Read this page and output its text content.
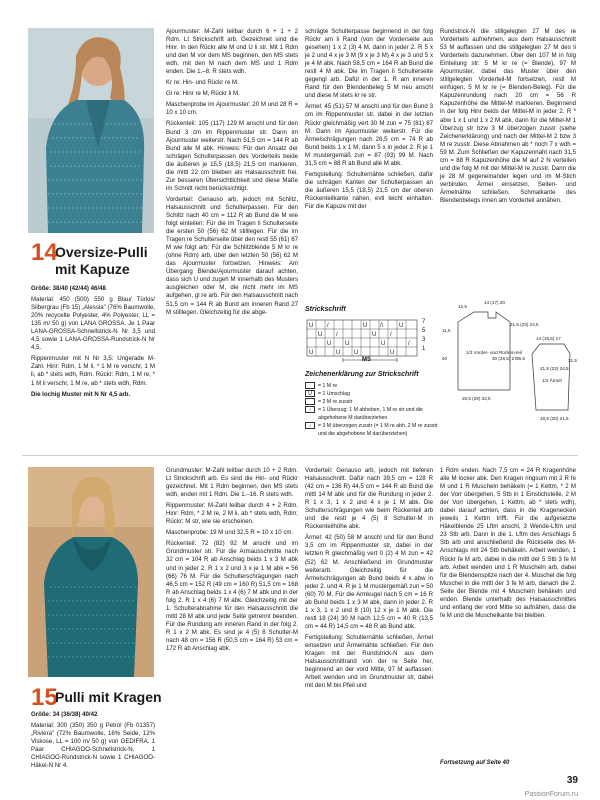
14
Oversize-Pulli
mit Kapuze

Größe: 38/40 (42/44) 46/48

Material: 450 (500) 550 g Blau/ Türkis/ Silbergrau (Fb 15) „Alessia" (76% Baumwolle, 20% recycelte Polyester, 4% Polyester, LL = 135 m/ 50 g) von LANA GROSSA. Je 1 Paar LANA-GROSSA-Schnellstrick-N Nr 3,5 und 4,5 sowie 1 LANA-GROSSA-Rundstrick-N Nr 4,5.

Rippenmuster mit N Nr 3,5: Ungerade M-Zahl. Hinr: Rdm, 1 M li, * 1 M re verschr, 1 M li, ab * stets wdh, Rdm. Rückr: Rdm, 1 M re, * 1 M li verschr, 1 M re, ab * stets wdh, Rdm.

Die lochig Muster mit N Nr 4,5 arb.

Ajourmuster: M-Zahl teilbar durch 6 + 1 + 2 Rdm. Lt Strickschrift arb. Gezeichnet sind die Hinr. In den Rückr alle M und U li str. Mit 1 Rdm und den M vor dem MS beginnen, den MS stets wdh, mit den M nach dem MS und 1 Rdm enden. Die 1.–8. R stets wdh.

Kr re: Hin- und Rückr re M.

Gl re: Hinr re M, Rückr li M.

Maschenprobe im Ajourmuster: 20 M und 28 R = 10 x 10 cm.

Rückenteil: 105 (117) 129 M anschl und für den Bund 3 cm im Rippenmuster str. Dann im Ajourmuster weiterstr. Nach 51,5 cm = 144 R ab Bund alle M abk. Hinweis: Für den Ansatz der schrägen Schulterpassen des Vorderteils beide die äußeren je 15,5 (18,5) 21,5 cm markieren, die mittl 22 cm bleiben als Halsausschnitt frei. Zur besseren Übersichtlichkeit und diese Maße im Schnitt nicht berücksichtigt.

Vorderteil: Genauso arb, jedoch mit Schlitz, Halsausschnitt und Schulterpassen. Für den Schlitz nach 40 cm = 112 R ab Bund die M wie folgt einteilen: Für die im Tragen li Schulterseite die ersten 50 (56) 62 M stilllegen. Für die im Tragen re Schulterseite über den restl 55 (61) 67 M wie folgt arb: Für die Schlitzblende 5 M kr re (ohne Rdm) arb, über den letzten 50 (56) 62 M das Ajourmuster fortsetzen. Hinweis: Am Übergang Blende/Ajourmuster darauf achten, dass sich U und zugeh M innerhalb des Musters ausgleichen oder M, die nicht mehr im MS aufgehen, gl re arb. Für den Halsausschnitt nach 51,5 cm = 144 R ab Bund am inneren Rand 27 M stilllegen. Gleichzeitig für die abge-

schrägte Schulterpasse beginnend in der folg Rückr am li Rand (von der Vorderseite aus gesehen) 1 x 2 (3) 4 M, dann in jeder 2. R 5 x je 2 und 4 x je 3 M (9 x je 3 M) 4 x je 3 und 5 x je 4 M abk. Nach 58,5 cm = 164 R ab Bund die restl 4 M abk. Die im Tragen li Schulterseite gegengl arb. Dafür in der 1. R am inneren Rand für den Blendenbeleg 5 M neu anschl und diese M stets kr re str.

Ärmel: 45 (51) 57 M anschl und für den Bund 3 cm im Rippenmuster str, dabei in der letzten Rückr gleichmäßig vert 30 M zun = 75 (81) 87 M. Dann im Ajourmuster weiterstr. Für die Ärmelschrägungen nach 26,5 cm = 74 R ab Bund beids 1 x 1 M, dann 5 x in jeder 2. R je 1 M mustergemäß zun = 87 (93) 99 M. Nach 31,5 cm = 88 R ab Bund alle M abk.

Fertigstellung: Schulternähte schließen, dafür die schrägen Kanten der Schulterpassen an die äußeren 15,5 (18,5) 21,5 cm der oberen Rückenteilkante nähen, evtl leicht einhalten. Für die Kapuze mit der

Rundstrick-N die stillgelegten 27 M des re Vorderteils aufnehmen, aus dem Halsausschnitt 53 M auffassen und die stillgelegten 27 M des li Vorderteils dazunehmen. Über den 107 M in folg Einteilung str: 5 M kr re (= Blende), 97 M Ajourmuster, dabei das Muster über den stillgelegten Vorderteil-M fortsetzen, restl M einfügen, 5 M kr re (= Blenden-Beleg). Für die Kapuzenrundung nach 20 cm = 56 R Kapuzenhöhe die Mittel-M markieren. Beginnend in der folg Hinr beids der Mittel-M in jeder 2. R * abw 1 x 1 und 1 x 2 M abk, dann für die Mittel-M 1 Überzug str bzw 3 M überzogen zusstr (siehe Zeichenerklärung) und nach der Mittel-M 2 bzw 3 M re zusstr. Diese Abnahmen ab * noch 7 x wdh = 59 M. Zum Schließen der Kapuzennaht nach 31,5 cm = 88 R Kapuzenhöhe die M auf 2 N verteilen und die folg M mit der Mittel-M re zusstr. Dann die je 28 M gegeneinander legen und im M-Stich verbinden. Ärmel einsetzen, Seiten- und Ärmelnähte schließen. Schmalkante des Blendenbelegs innen am Vorderteil annähen.

Strickschrift
U /	U /\	U
U /	U /
U U	U	/
U	U U	U
7
5
3
1
MS
Zeichenerklärung zur Strickschrift
= 1 M re
U	= 1 Umschlag
= 2 M re zusstr
↑	= 1 Überzug: 1 M abheben, 1 M re str und die abgehobene M darüberziehen
↕	= 3 M überzogen zusstr (= 1 M re abh, 2 M re zusstr und die abgehobene M darüberziehen)
12,5
14 (17) 20
11,5
21,5 (23) 24,5
40
1/2 Vorder- und Rücken-teil
30 (28,5) 27 36,5
26,5 (29) 32,5
14 (15,5) 17
21,5 (23) 24,5
1/2 Ärmel
31,5
18,5 (20) 21,5
15
Pulli mit Kragen

Größe: 34 (36/38) 40/42

Material: 300 (350) 350 g Petrol (Fb 01357) „Riviera" (72% Baumwolle, 16% Seide, 12% Viskose, LL = 100 m/ 50 g) von GEDIFRA. 1 Paar CHIAGOO-Schnellstrick-N, 1 CHIAGOO-Rundstrick-N sowie 1 CHIAGOO-Häkel-N Nr 4.

Grundmuster: M-Zahl teilbar durch 10 + 2 Rdm. Lt Strickschrift arb. Es sind die Hin- und Rückr gezeichnet. Mit 1 Rdm beginnen, den MS stets wdh, enden mit 1 Rdm. Die 1.–16. R stets wdh.

Rippenmuster: M-Zahl teilbar durch 4 + 2 Rdm. Hinr: Rdm, * 2 M re, 2 M li, ab * stets wdh, Rdm; Rückr: M str, wie sie erscheinen.

Maschenprobe: 19 M und 32,5 R = 10 x 10 cm.

Rückenteil: 72 (82) 92 M anschl und im Grundmuster str. Für die Armausschnitte nach 32 cm = 104 R ab Anschlag beids 1 x 3 M abk und in jeder 2. R 1 x 2 und 3 x je 1 M abk = 56 (66) 76 M. Für die Schulterschrägungen nach 46,5 cm = 152 R (49 cm = 160 R) 51,5 cm = 168 R ab Anschlag beids 1 x 4 (6) 7 M abk und in der folg 2. R 1 x 4 (6) 7 M abk. Gleichzeitig mit der 1. Schulterabnahme für den Halsausschnitt die mittl 28 M abk und jede Seite getrennt beenden. Für die Rundung am inneren Rand in der folg 2. R 1 x 2 M abk. Es sind je 4 (5) 8 Schulter-M nach 48 cm = 156 R (50,5 cm = 164 R) 53 cm = 172 R ab Anschlag abk.

Vorderteil: Genauso arb, jedoch mit tieferen Halsausschnitt. Dafür nach 39,5 cm = 128 R (42 cm = 136 R) 44,5 cm = 144 R ab Bund die mittl 14 M abk und für die Rundung in jeder 2. R 1 x 3, 1 x 2 und 4 x je 1 M abk. Die Schulterschrägungen wie beim Rückenteil arb und die restl je 4 (5) 8 Schulter-M in Rückenteilhöhe abk.

Ärmel: 42 (50) 58 M anschl und für den Bund 3,5 cm im Rippenmuster str, dabei in der letzten R gleichmäßig vert 0 (2) 4 M zun = 42 (52) 62 M. Anschließend im Grundmuster weiterarb. Gleichzeitig für die Ärmelschrägungen ab Bund beids 4 x abw in jeder 2. und 4. R je 1 M mustergemäß zun = 50 (60) 70 M. Für die Armkugel nach 5 cm = 16 R ab Bund beids 1 x 3 M abk, dann in jeder 2. R 1 x 3, 1 x 2 und 8 (10) 12 x je 1 M abk. Die restl 18 (24) 30 M nach 12,5 cm = 40 R (13,5 cm = 44 R) 14,5 cm = 48 R ab Bund abk.

Fertigstellung: Schulternähte schließen, Ärmel einsetzen und Ärmelnähte schließen. Für den Kragen mit der Rundstrick-N aus dem Halsausschnittrand von der re Seite her, beginnend an der vord Mitte, 97 M auffassen. Arbeit wenden und im Grundmuster str, dabei mit den M bis Pfeil und

1 Rdm enden. Nach 7,5 cm = 24 R Kragenhöhe alle M locker abk. Den Kragen ringsum mit 2 R fe M und 1 R Muscheln behäkeln (= 1 Kettm, * 2 M der Vorr übergehen, 5 Stb in 1 Einstichstelle, 2 M der Vorr übergehen, 1 Kettm, ab * stets wdh), dabei darauf achten, dass in die Kragenecken jeweils 1 Kettm trifft. Für die aufgesetzte Häkelblende 25 Lftm anschl, 3 Wende-Lftm und 23 Stb arb. Dann in die 1. Lftm des Anschlags 5 Stb arb und anschließend die Rückseite des M-Anschlags mit 24 Stb behäkeln. Arbeit wenden, 1 Rückr fe M arb, dabei in die mittl der 5 Stb 3 fe M arb. Arbeit wenden und 1 R Muscheln arb, dabei für die Blendenspitze nach der 4. Muschel die folg Muschel in die mittl der 3 fe M arb, danach die 2. Seite der Blende mit 4 Muscheln behäkeln und enden. Blende unterhalb des Halsausschnittes und entlang der vord Mitte so aufnähen, dass die fe M und die Muschelkante frei bleiben.

Fortsetzung auf Seite 40
39
PassionForum.ru
